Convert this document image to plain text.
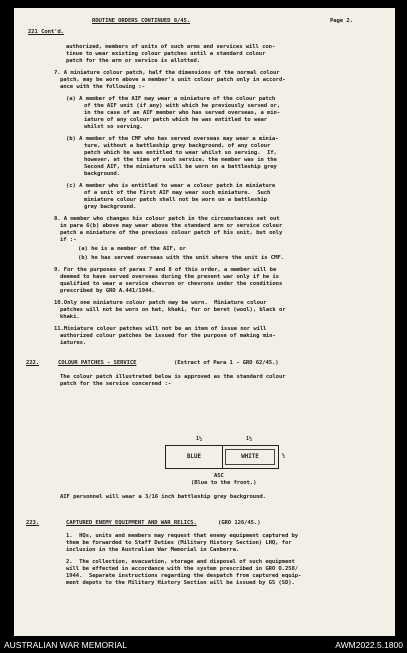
ROUTINE ORDERS CONTINUED 8/45.	Page 2.
221 Cont'd.
authorized, members of units of such arms and services will con-
tinue to wear existing colour patches until a standard colour
patch for the arm or service is allotted.
7. A miniature colour patch, half the dimensions of the normal colour
patch, may be worn above a member's unit colour patch only in accord-
ance with the following :-
(a) A member of the AIF may wear a miniature of the colour patch
of the AIF unit (if any) with which he previously served or,
in the case of an AIF member who has served overseas, a min-
iature of any colour patch which he was entitled to wear
whilst so serving.
(b) A member of the CMF who has served overseas may wear a minia-
ture, without a battleship grey background, of any colour
patch which he was entitled to wear whilst so serving.  If,
however, at the time of such service, the member was in the
Second AIF, the miniature will be worn on a battleship grey
background.
(c) A member who is entitled to wear a colour patch in miniature
of a unit of the First AIF may wear such miniature.  Such
miniature colour patch shall not be worn on a battleship
grey background.
8. A member who changes his colour patch in the circumstances set out
in para 6(b) above may wear above the standard arm or service colour
patch a miniature of the previous colour patch of his unit, but only
if :-
(a) he is a member of the AIF, or
(b) he has served overseas with the unit where the unit is CMF.
9. For the purposes of paras 7 and 8 of this order, a member will be
deemed to have served overseas during the present war only if he is
qualified to wear a service chevron or chevrons under the conditions
prescribed by GRO A.441/1944.
10.Only one miniature colour patch may be worn.  Miniature colour
patches will not be worn on hat, khaki, fur or beret (wool), black or
khaki.
11.Miniature colour patches will not be an item of issue nor will
authorized colour patches be issued for the purpose of making min-
iatures.
222.	COLOUR PATCHES - SERVICE	(Extract of Para 1 - GRO 62/45.)
The colour patch illustrated below is approved as the standard colour
patch for the service concerned :-
1½	1½
BLUE	WHITE	½
ASC
(Blue to the front.)
AIF personnel will wear a 3/16 inch battleship grey background.
223.	CAPTURED ENEMY EQUIPMENT AND WAR RELICS.	(GRO 126/45.)
1.  HQs, units and members may request that enemy equipment captured by
them be forwarded to Staff Duties (Military History Section) LHQ, for
inclusion in the Australian War Memorial in Canberra.
2.  The collection, evacuation, storage and disposal of such equipment
will be effected in accordance with the system prescribed in GRO O.258/
1944.  Separate instructions regarding the despatch from captured equip-
ment depots to the Military History Section will be issued by GS (SD).
AUSTRALIAN WAR MEMORIAL	AWM2022.5.1800
